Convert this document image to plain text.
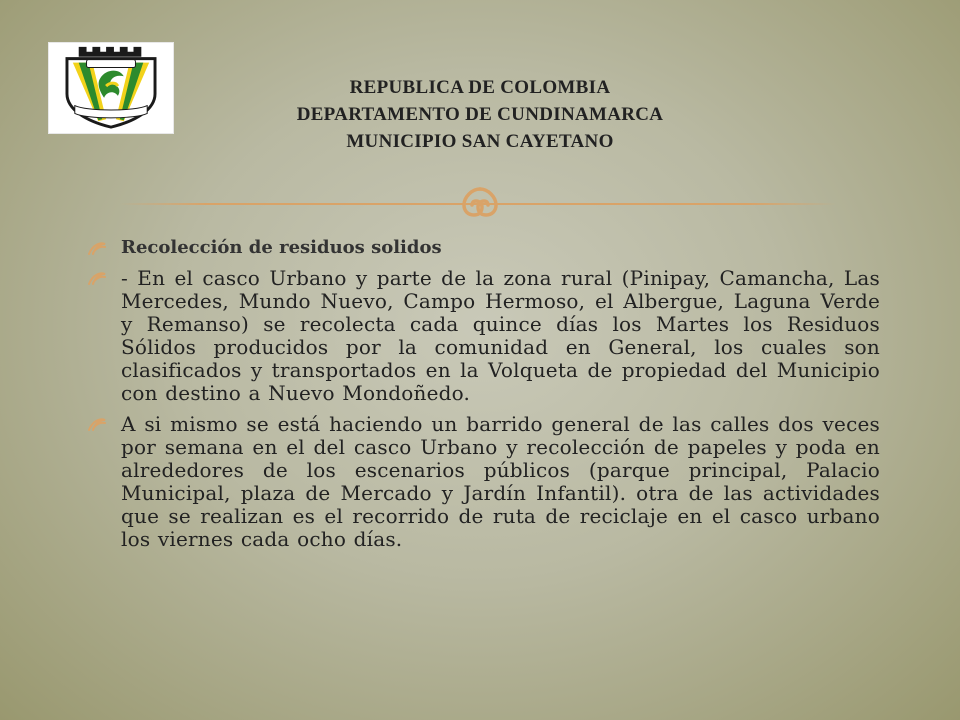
REPUBLICA DE COLOMBIA
DEPARTAMENTO DE CUNDINAMARCA
MUNICIPIO SAN CAYETANO
Recolección de residuos solidos
- En el casco Urbano y parte de la zona rural (Pinipay, Camancha, Las Mercedes, Mundo Nuevo, Campo Hermoso, el Albergue, Laguna Verde y Remanso) se recolecta cada quince días los Martes los Residuos Sólidos producidos por la comunidad en General, los cuales son clasificados y transportados en la Volqueta de propiedad del Municipio con destino a Nuevo Mondoñedo.
A si mismo se está haciendo un barrido general de las calles dos veces por semana en el del casco Urbano y recolección de papeles y poda en alrededores de los escenarios públicos (parque principal, Palacio Municipal, plaza de Mercado y Jardín Infantil). otra de las actividades que se realizan es el recorrido de ruta de reciclaje en el casco urbano los viernes cada ocho días.
